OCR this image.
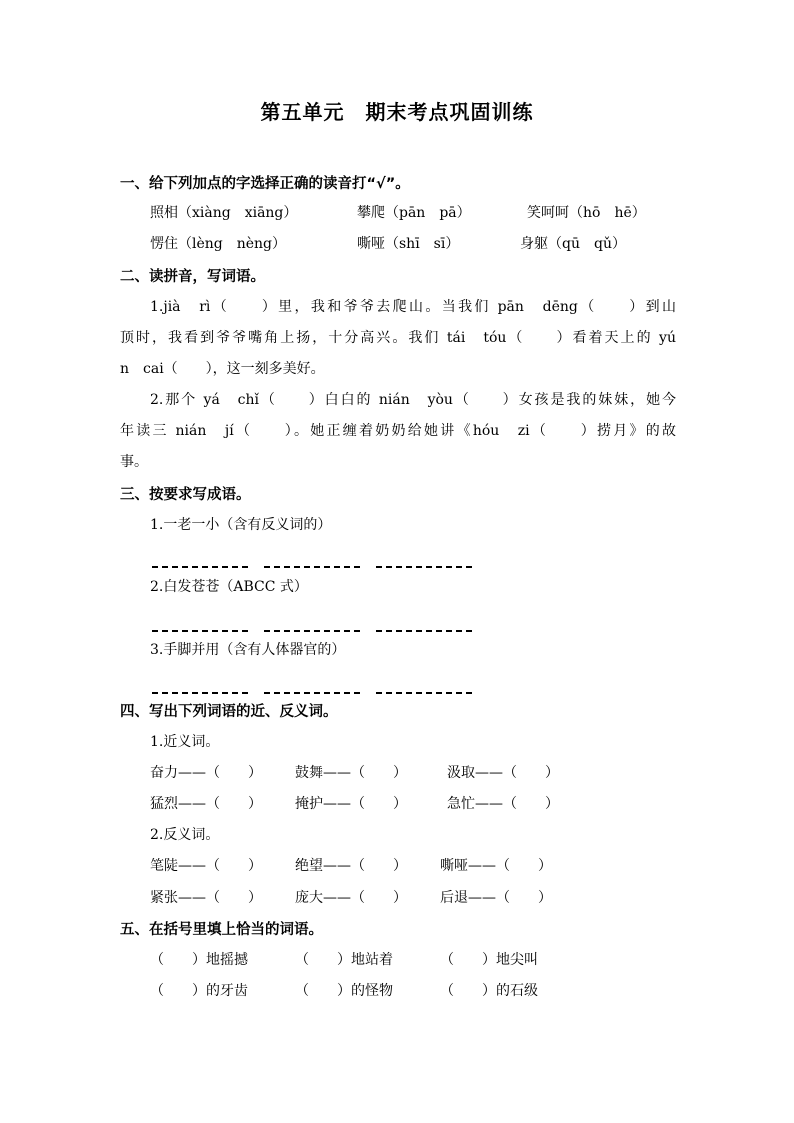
第五单元　期末考点巩固训练
一、给下列加点的字选择正确的读音打“√”。
照相（xiàng　xiāng）	攀爬（pān　pā）	笑呵呵（hō　hē）
愣住（lèng　nèng）	嘶哑（shī　sī）	身躯（qū　qǔ）
二、读拼音，写词语。
1.jià　rì（　　）里，我和爷爷去爬山。当我们 pān　dēng（　　）到山
顶时，我看到爷爷嘴角上扬，十分高兴。我们 tái　tóu（　　）看着天上的 yú
n　cai（　　），这一刻多美好。
2.那个 yá　chǐ（　　）白白的 nián　yòu（　　）女孩是我的妹妹，她今
年读三 nián　jí（　　）。她正缠着奶奶给她讲《hóu　zi（　　）捞月》的故
事。
三、按要求写成语。
1.一老一小（含有反义词的）
2.白发苍苍（ABCC 式）
3.手脚并用（含有人体器官的）
四、写出下列词语的近、反义词。
1.近义词。
奋力——（　　） 鼓舞——（　　）	汲取——（　　）
猛烈——（　　） 掩护——（　　）	急忙——（　　）
2.反义词。
笔陡——（　　） 绝望——（　　） 嘶哑——（　　）
紧张——（　　） 庞大——（　　） 后退——（　　）
五、在括号里填上恰当的词语。
（　　）地摇撼	（　　）地站着	（　　）地尖叫
（　　）的牙齿	（　　）的怪物	（　　）的石级
